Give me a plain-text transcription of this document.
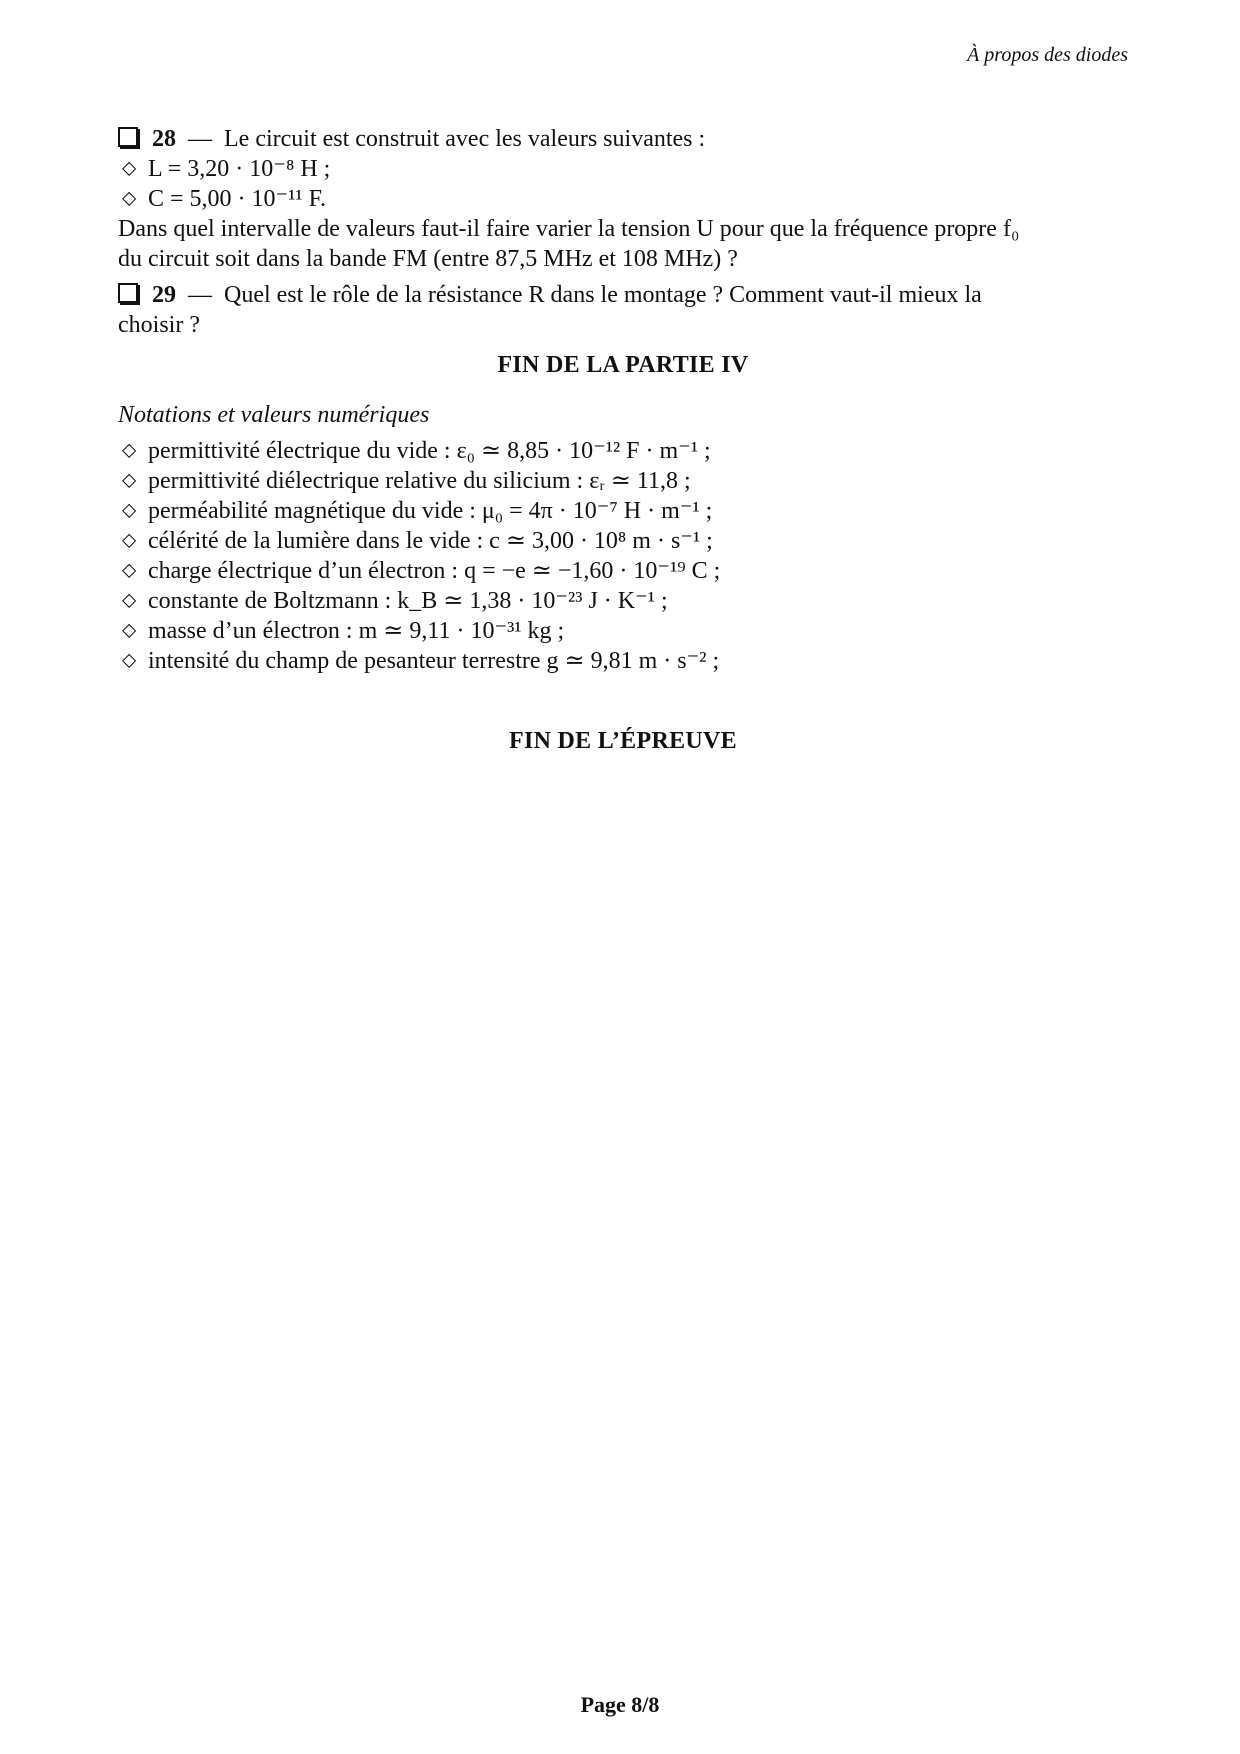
À propos des diodes
28 — Le circuit est construit avec les valeurs suivantes :
L = 3,20 · 10⁻⁸ H ;
C = 5,00 · 10⁻¹¹ F.
Dans quel intervalle de valeurs faut-il faire varier la tension U pour que la fréquence propre f₀
du circuit soit dans la bande FM (entre 87,5 MHz et 108 MHz) ?
29 — Quel est le rôle de la résistance R dans le montage ? Comment vaut-il mieux la
choisir ?
FIN DE LA PARTIE IV
Notations et valeurs numériques
permittivité électrique du vide : ε₀ ≃ 8,85 · 10⁻¹² F · m⁻¹ ;
permittivité diélectrique relative du silicium : εᵣ ≃ 11,8 ;
perméabilité magnétique du vide : μ₀ = 4π · 10⁻⁷ H · m⁻¹ ;
célérité de la lumière dans le vide : c ≃ 3,00 · 10⁸ m · s⁻¹ ;
charge électrique d’un électron : q = −e ≃ −1,60 · 10⁻¹⁹ C ;
constante de Boltzmann : k_B ≃ 1,38 · 10⁻²³ J · K⁻¹ ;
masse d’un électron : m ≃ 9,11 · 10⁻³¹ kg ;
intensité du champ de pesanteur terrestre g ≃ 9,81 m · s⁻² ;
FIN DE L’ÉPREUVE
Page 8/8
